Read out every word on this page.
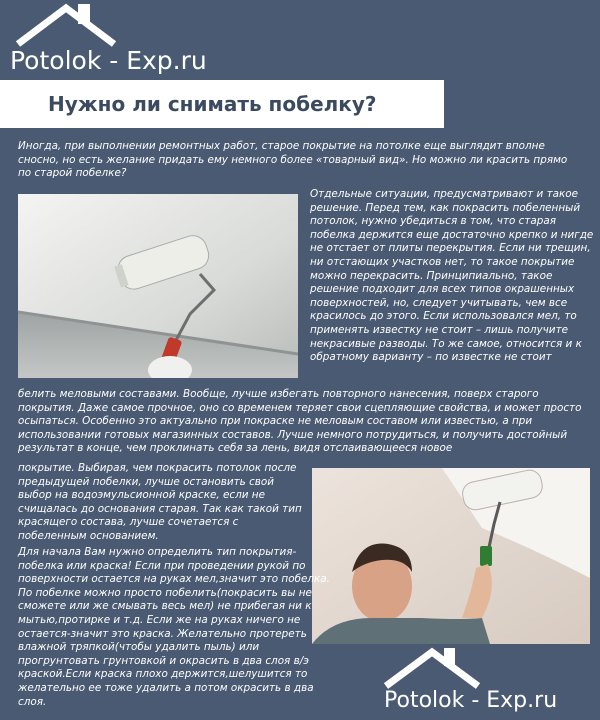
Potolok - Exp.ru
Нужно ли снимать побелку?

Иногда, при выполнении ремонтных работ, старое покрытие на потолке еще выглядит вполне сносно, но есть желание придать ему немного более «товарный вид». Но можно ли красить прямо по старой побелке?

Отдельные ситуации, предусматривают и такое решение. Перед тем, как покрасить побеленный потолок, нужно убедиться в том, что старая побелка держится еще достаточно крепко и нигде не отстает от плиты перекрытия. Если ни трещин, ни отстающих участков нет, то такое покрытие можно перекрасить. Принципиально, такое решение подходит для всех типов окрашенных поверхностей, но, следует учитывать, чем все красилось до этого. Если использовался мел, то применять известку не стоит – лишь получите некрасивые разводы. То же самое, относится и к обратному варианту – по известке не стоит

белить меловыми составами. Вообще, лучше избегать повторного нанесения, поверх старого покрытия. Даже самое прочное, оно со временем теряет свои сцепляющие свойства, и может просто осыпаться. Особенно это актуально при покраске не меловым составом или известью, а при использовании готовых магазинных составов. Лучше немного потрудиться, и получить достойный результат в конце, чем проклинать себя за лень, видя отслаивающееся новое

покрытие. Выбирая, чем покрасить потолок после предыдущей побелки, лучше остановить свой выбор на водоэмульсионной краске, если не счищалась до основания старая. Так как такой тип красящего состава, лучше сочетается с побеленным основанием.

Для начала Вам нужно определить тип покрытия-побелка или краска! Если при проведении рукой по поверхности остается на руках мел,значит это побелка. По побелке можно просто побелить(покрасить вы не сможете или же смывать весь мел) не прибегая ни к мытью,протирке и т.д. Если же на руках ничего не остается-значит это краска. Желательно протереть влажной тряпкой(чтобы удалить пыль) или прогрунтовать грунтовкой и окрасить в два слоя в/э краской.Если краска плохо держится,шелушится то желательно ее тоже удалить а потом окрасить в два слоя.	Potolok - Exp.ru
